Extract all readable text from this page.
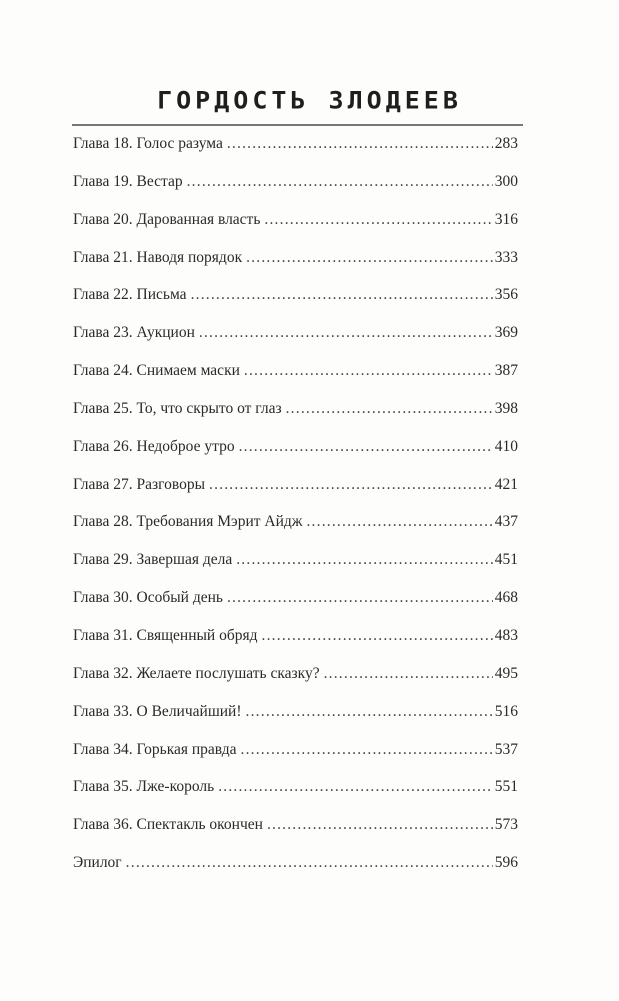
ГОРДОСТЬ ЗЛОДЕЕВ
Глава 18. Голос разума .....	283
Глава 19. Вестар .....	300
Глава 20. Дарованная власть .....	316
Глава 21. Наводя порядок .....	333
Глава 22. Письма .....	356
Глава 23. Аукцион .....	369
Глава 24. Снимаем маски .....	387
Глава 25. То, что скрыто от глаз .....	398
Глава 26. Недоброе утро .....	410
Глава 27. Разговоры .....	421
Глава 28. Требования Мэрит Айдж .....	437
Глава 29. Завершая дела .....	451
Глава 30. Особый день .....	468
Глава 31. Священный обряд .....	483
Глава 32. Желаете послушать сказку? .....	495
Глава 33. О Величайший! .....	516
Глава 34. Горькая правда .....	537
Глава 35. Лже-король .....	551
Глава 36. Спектакль окончен .....	573
Эпилог .....	596
